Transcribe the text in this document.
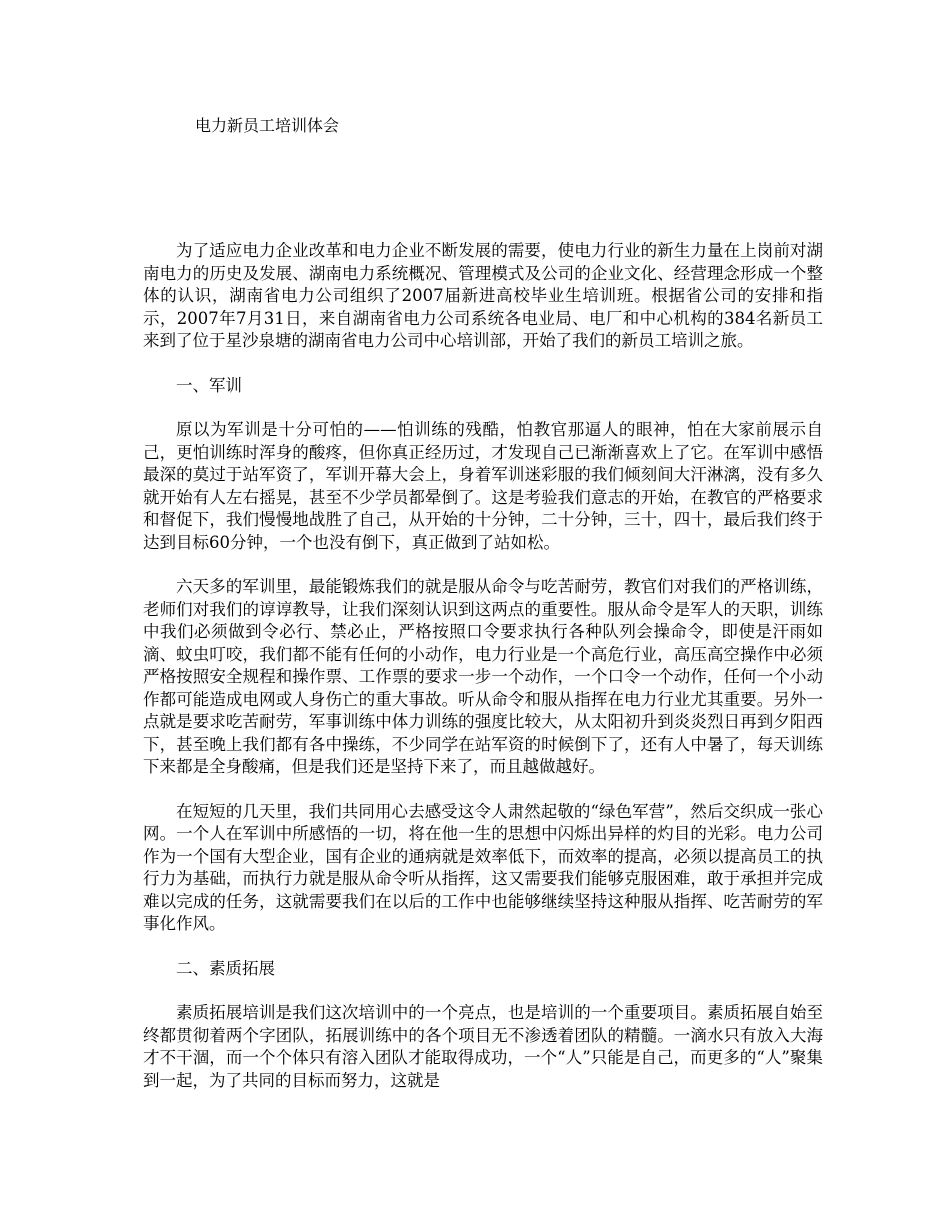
电力新员工培训体会

为了适应电力企业改革和电力企业不断发展的需要，使电力行业的新生力量在上岗前对湖南电力的历史及发展、湖南电力系统概况、管理模式及公司的企业文化、经营理念形成一个整体的认识，湖南省电力公司组织了2007届新进高校毕业生培训班。根据省公司的安排和指示，2007年7月31日，来自湖南省电力公司系统各电业局、电厂和中心机构的384名新员工来到了位于星沙泉塘的湖南省电力公司中心培训部，开始了我们的新员工培训之旅。

一、军训

原以为军训是十分可怕的——怕训练的残酷，怕教官那逼人的眼神，怕在大家前展示自己，更怕训练时浑身的酸疼，但你真正经历过，才发现自己已渐渐喜欢上了它。在军训中感悟最深的莫过于站军资了，军训开幕大会上，身着军训迷彩服的我们倾刻间大汗淋漓，没有多久就开始有人左右摇晃，甚至不少学员都晕倒了。这是考验我们意志的开始，在教官的严格要求和督促下，我们慢慢地战胜了自己，从开始的十分钟，二十分钟，三十，四十，最后我们终于达到目标60分钟，一个也没有倒下，真正做到了站如松。

六天多的军训里，最能锻炼我们的就是服从命令与吃苦耐劳，教官们对我们的严格训练，老师们对我们的谆谆教导，让我们深刻认识到这两点的重要性。服从命令是军人的天职，训练中我们必须做到令必行、禁必止，严格按照口令要求执行各种队列会操命令，即使是汗雨如滴、蚊虫叮咬，我们都不能有任何的小动作，电力行业是一个高危行业，高压高空操作中必须严格按照安全规程和操作票、工作票的要求一步一个动作，一个口令一个动作，任何一个小动作都可能造成电网或人身伤亡的重大事故。听从命令和服从指挥在电力行业尤其重要。另外一点就是要求吃苦耐劳，军事训练中体力训练的强度比较大，从太阳初升到炎炎烈日再到夕阳西下，甚至晚上我们都有各中操练，不少同学在站军资的时候倒下了，还有人中暑了，每天训练下来都是全身酸痛，但是我们还是坚持下来了，而且越做越好。

在短短的几天里，我们共同用心去感受这令人肃然起敬的“绿色军营”，然后交织成一张心网。一个人在军训中所感悟的一切，将在他一生的思想中闪烁出异样的灼目的光彩。电力公司作为一个国有大型企业，国有企业的通病就是效率低下，而效率的提高，必须以提高员工的执行力为基础，而执行力就是服从命令听从指挥，这又需要我们能够克服困难，敢于承担并完成难以完成的任务，这就需要我们在以后的工作中也能够继续坚持这种服从指挥、吃苦耐劳的军事化作风。

二、素质拓展

素质拓展培训是我们这次培训中的一个亮点，也是培训的一个重要项目。素质拓展自始至终都贯彻着两个字团队，拓展训练中的各个项目无不渗透着团队的精髓。一滴水只有放入大海才不干涸，而一个个体只有溶入团队才能取得成功，一个“人”只能是自己，而更多的“人”聚集到一起，为了共同的目标而努力，这就是
